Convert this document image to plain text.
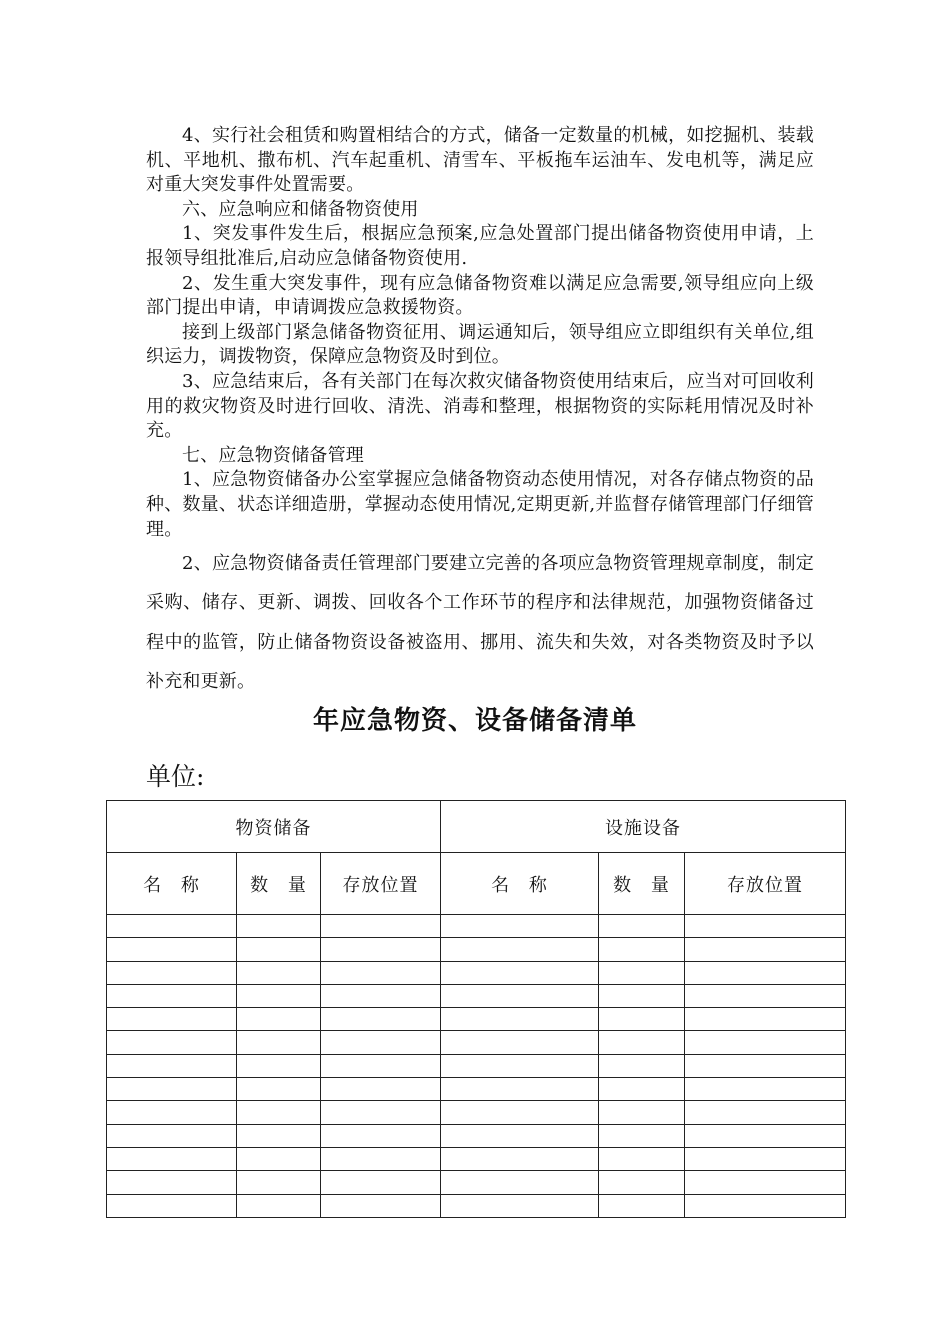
4、实行社会租赁和购置相结合的方式，储备一定数量的机械，如挖掘机、装载机、平地机、撒布机、汽车起重机、清雪车、平板拖车运油车、发电机等，满足应对重大突发事件处置需要。

六、应急响应和储备物资使用

1、突发事件发生后，根据应急预案,应急处置部门提出储备物资使用申请，上报领导组批准后,启动应急储备物资使用.

2、发生重大突发事件，现有应急储备物资难以满足应急需要,领导组应向上级部门提出申请，申请调拨应急救援物资。

接到上级部门紧急储备物资征用、调运通知后，领导组应立即组织有关单位,组织运力，调拨物资，保障应急物资及时到位。

3、应急结束后，各有关部门在每次救灾储备物资使用结束后，应当对可回收利用的救灾物资及时进行回收、清洗、消毒和整理，根据物资的实际耗用情况及时补充。

七、应急物资储备管理

1、应急物资储备办公室掌握应急储备物资动态使用情况，对各存储点物资的品种、数量、状态详细造册，掌握动态使用情况,定期更新,并监督存储管理部门仔细管理。

2、应急物资储备责任管理部门要建立完善的各项应急物资管理规章制度，制定采购、储存、更新、调拨、回收各个工作环节的程序和法律规范，加强物资储备过程中的监管，防止储备物资设备被盗用、挪用、流失和失效，对各类物资及时予以补充和更新。

年应急物资、设备储备清单
单位:
物资储备			设施设备		
名 称	数 量	存放位置	名 称	数 量	存放位置
